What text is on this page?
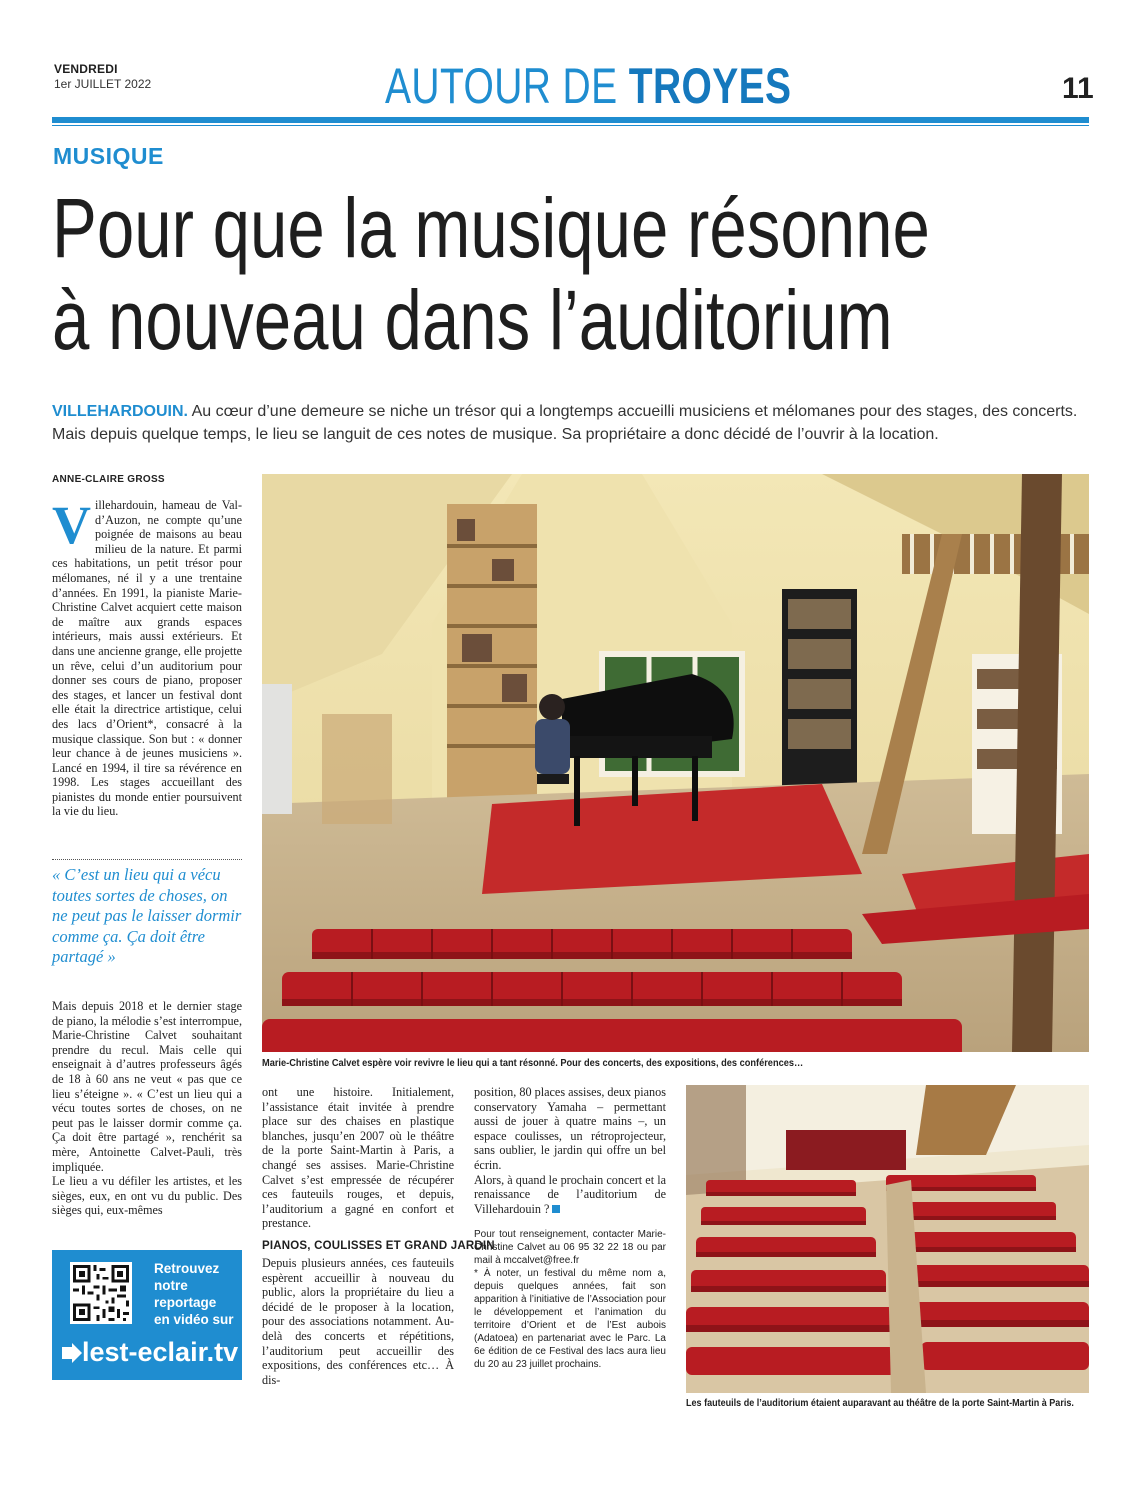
VENDREDI
1er JUILLET 2022	AUTOUR DE TROYES	11
MUSIQUE
Pour que la musique résonne
à nouveau dans l’auditorium
VILLEHARDOUIN. Au cœur d’une demeure se niche un trésor qui a longtemps accueilli musiciens et mélomanes pour des stages, des concerts. Mais depuis quelque temps, le lieu se languit de ces notes de musique. Sa propriétaire a donc décidé de l’ouvrir à la location.
ANNE-CLAIRE GROSS
V illehardouin, hameau de Val-d’Auzon, ne compte qu’une poignée de maisons au beau milieu de la nature. Et parmi ces habitations, un petit trésor pour mélomanes, né il y a une trentaine d’années. En 1991, la pianiste Marie-Christine Calvet acquiert cette maison de maître aux grands espaces intérieurs, mais aussi extérieurs. Et dans une ancienne grange, elle projette un rêve, celui d’un auditorium pour donner ses cours de piano, proposer des stages, et lancer un festival dont elle était la directrice artistique, celui des lacs d’Orient*, consacré à la musique classique. Son but : « donner leur chance à de jeunes musiciens ». Lancé en 1994, il tire sa révérence en 1998. Les stages accueillant des pianistes du monde entier poursuivent la vie du lieu.

« C’est un lieu qui a vécu toutes sortes de choses, on ne peut pas le laisser dormir comme ça. Ça doit être partagé »

Mais depuis 2018 et le dernier stage de piano, la mélodie s’est interrompue, Marie-Christine Calvet souhaitant prendre du recul. Mais celle qui enseignait à d’autres professeurs âgés de 18 à 60 ans ne veut « pas que ce lieu s’éteigne ». « C’est un lieu qui a vécu toutes sortes de choses, on ne peut pas le laisser dormir comme ça. Ça doit être partagé », renchérit sa mère, Antoinette Calvet-Pauli, très impliquée.

Le lieu a vu défiler les artistes, et les sièges, eux, en ont vu du public. Des sièges qui, eux-mêmes

Retrouvez
notre
reportage
en vidéo sur
lest-eclair.tv
Marie-Christine Calvet espère voir revivre le lieu qui a tant résonné. Pour des concerts, des expositions, des conférences…

ont une histoire. Initialement, l’assistance était invitée à prendre place sur des chaises en plastique blanches, jusqu’en 2007 où le théâtre de la porte Saint-Martin à Paris, a changé ses assises. Marie-Christine Calvet s’est empressée de récupérer ces fauteuils rouges, et depuis, l’auditorium a gagné en confort et prestance.

PIANOS, COULISSES ET GRAND JARDIN

Depuis plusieurs années, ces fauteuils espèrent accueillir à nouveau du public, alors la propriétaire du lieu a décidé de le proposer à la location, pour des associations notamment. Au-delà des concerts et répétitions, l’auditorium peut accueillir des expositions, des conférences etc… À dis-

position, 80 places assises, deux pianos conservatory Yamaha – permettant aussi de jouer à quatre mains –, un espace coulisses, un rétroprojecteur, sans oublier, le jardin qui offre un bel écrin.

Alors, à quand le prochain concert et la renaissance de l’auditorium de Villehardouin ?

Pour tout renseignement, contacter Marie-Christine Calvet au 06 95 32 22 18 ou par mail à mccalvet@free.fr

* À noter, un festival du même nom a, depuis quelques années, fait son apparition à l’initiative de l’Association pour le développement et l’animation du territoire d’Orient et de l’Est aubois (Adatoea) en partenariat avec le Parc. La 6e édition de ce Festival des lacs aura lieu du 20 au 23 juillet prochains.

Les fauteuils de l’auditorium étaient auparavant au théâtre de la porte Saint-Martin à Paris.
